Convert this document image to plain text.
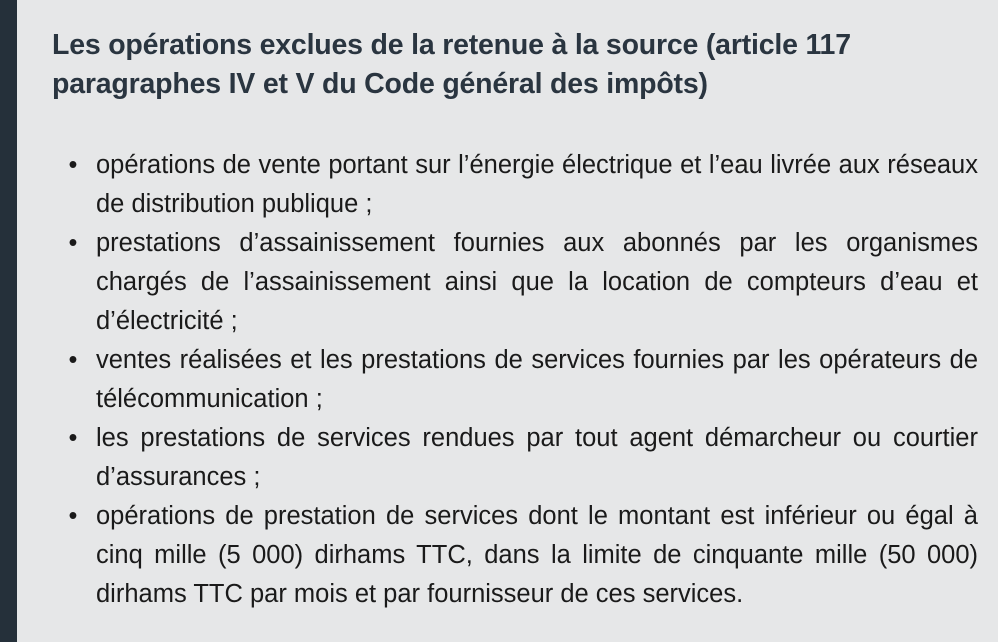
Les opérations exclues de la retenue à la source (article 117 paragraphes IV et V du Code général des impôts)
• opérations de vente portant sur l’énergie électrique et l’eau livrée aux réseaux de distribution publique ;
• prestations d’assainissement fournies aux abonnés par les organismes chargés de l’assainissement ainsi que la location de compteurs d’eau et d’électricité ;
• ventes réalisées et les prestations de services fournies par les opérateurs de télécommunication ;
• les prestations de services rendues par tout agent démarcheur ou courtier d’assurances ;
• opérations de prestation de services dont le montant est inférieur ou égal à cinq mille (5 000) dirhams TTC, dans la limite de cinquante mille (50 000) dirhams TTC par mois et par fournisseur de ces services.
